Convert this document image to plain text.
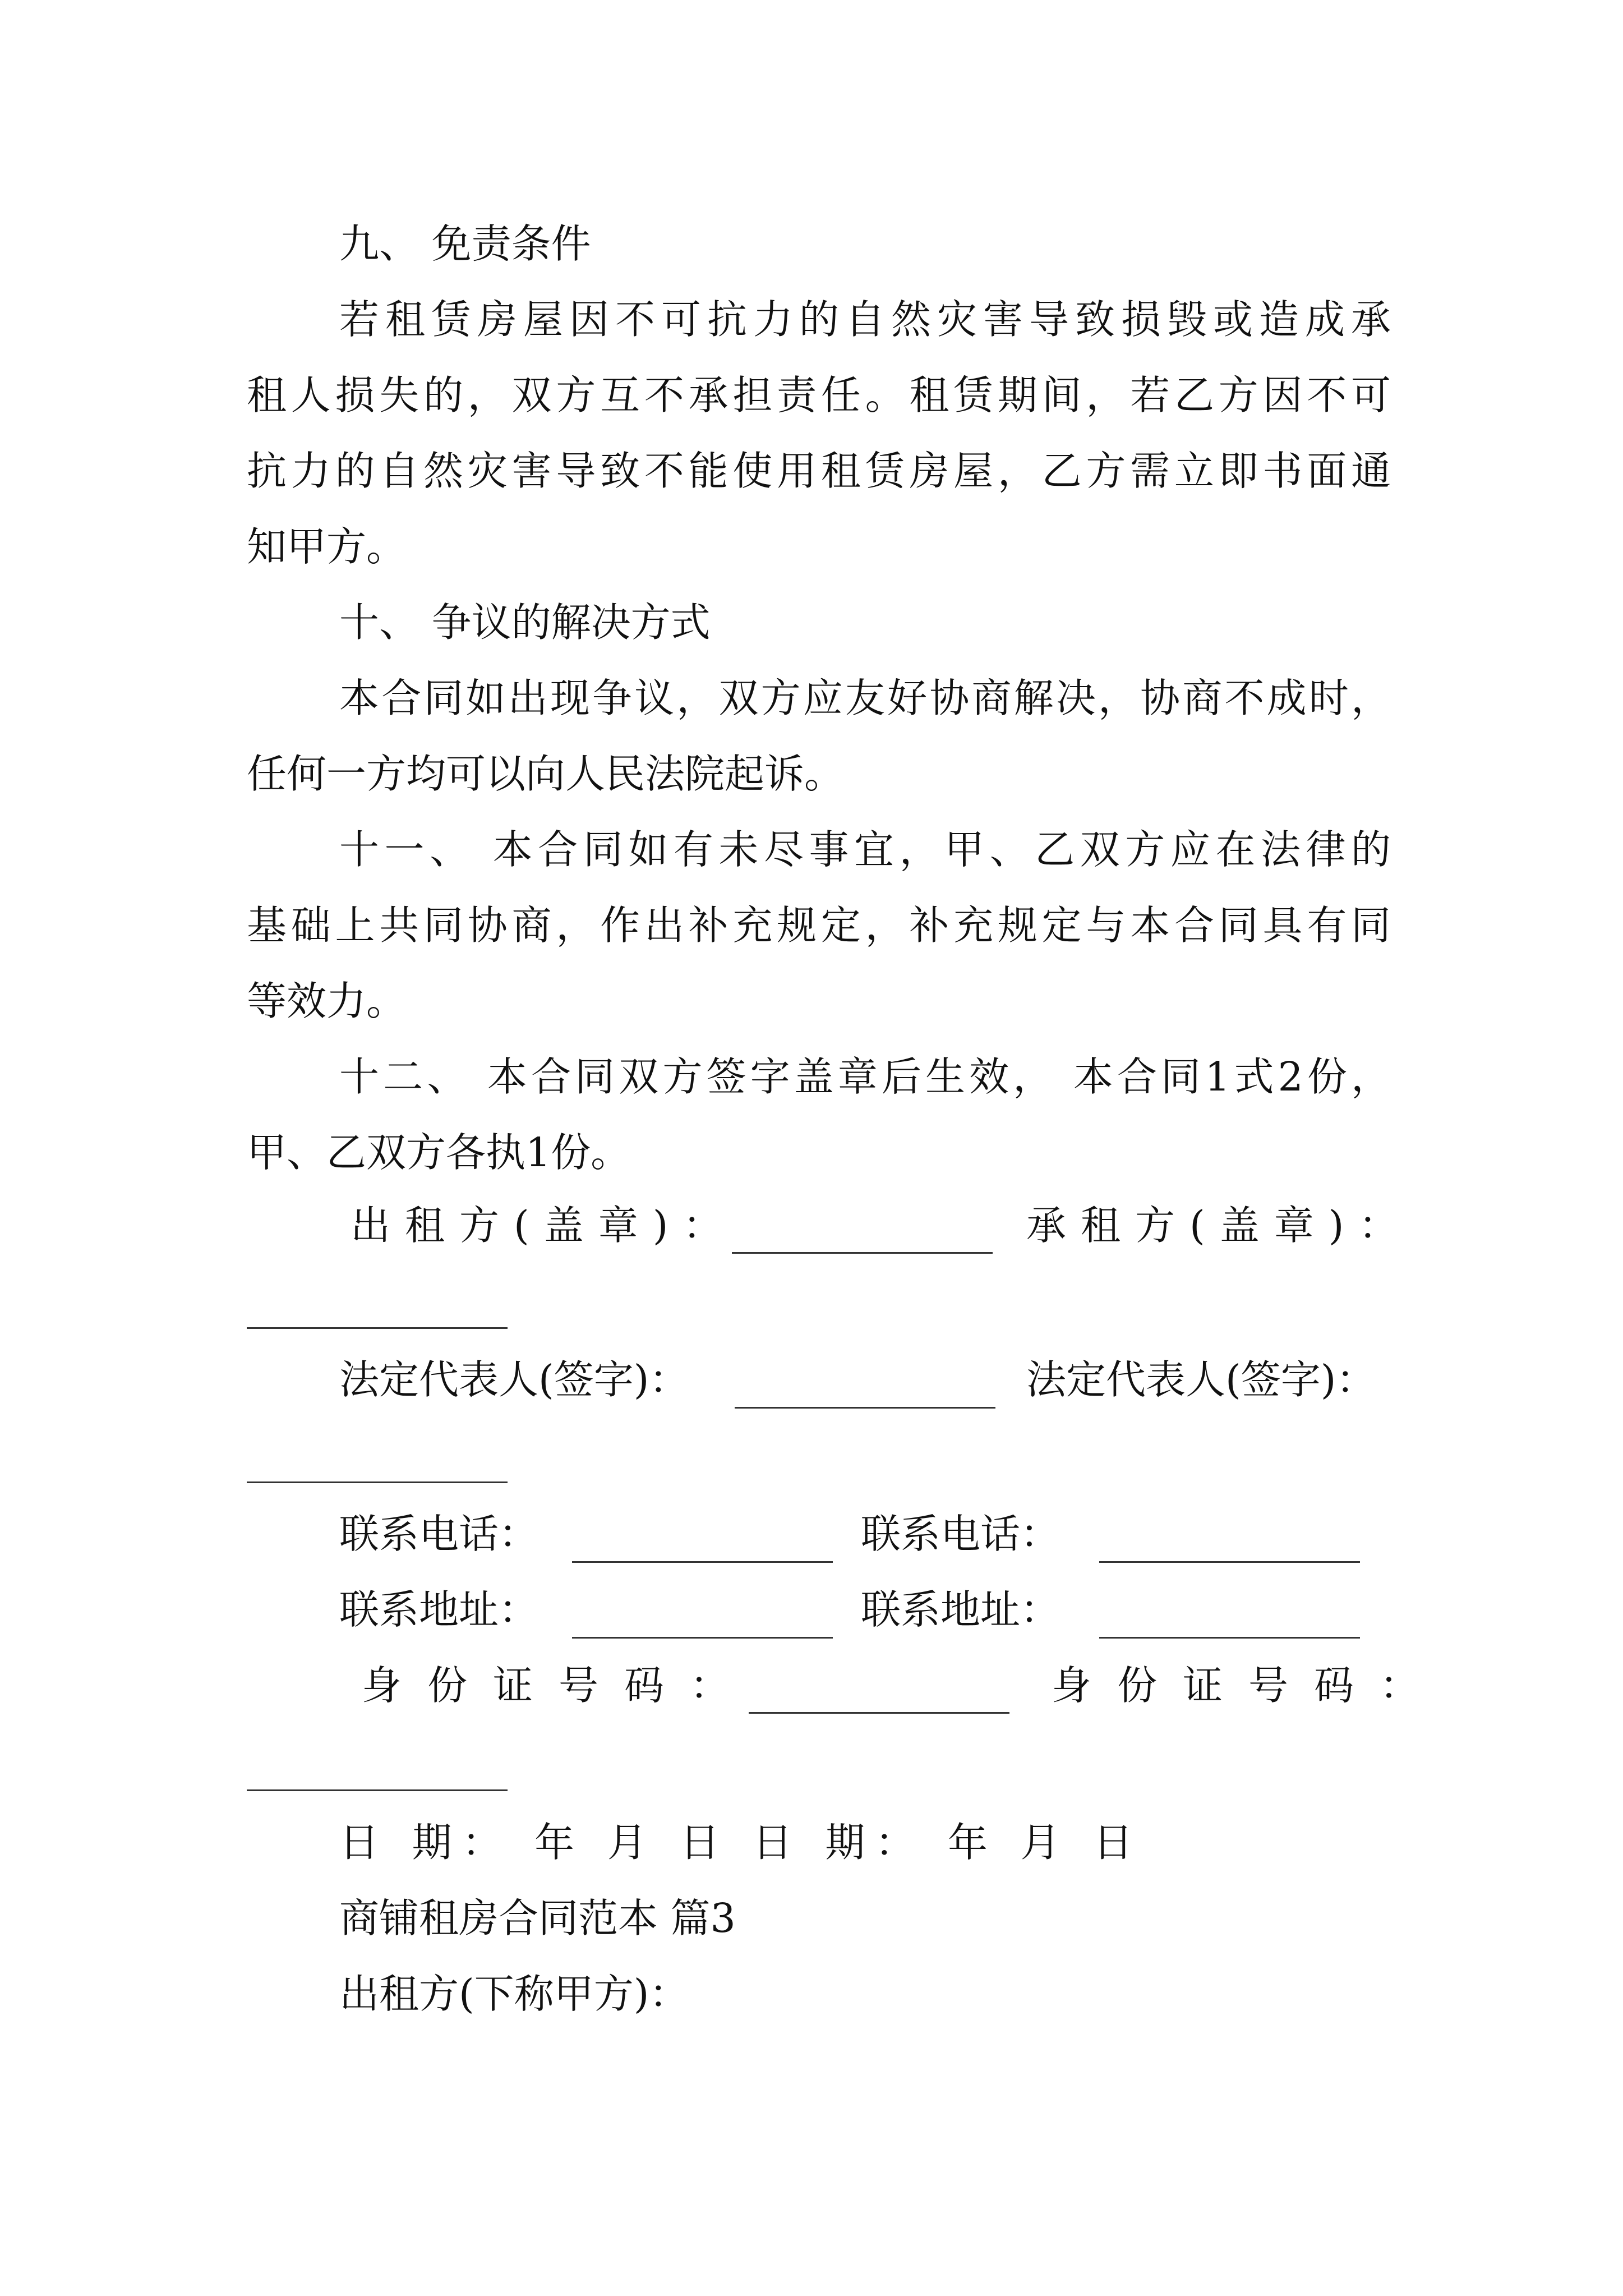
九、 免责条件
若租赁房屋因不可抗力的自然灾害导致损毁或造成承
租人损失的，双方互不承担责任。租赁期间，若乙方因不可
抗力的自然灾害导致不能使用租赁房屋，乙方需立即书面通
知甲方。
十、 争议的解决方式
本合同如出现争议，双方应友好协商解决，协商不成时，
任何一方均可以向人民法院起诉。
十一、 本合同如有未尽事宜，甲、乙双方应在法律的
基础上共同协商，作出补充规定，补充规定与本合同具有同
等效力。
十二、 本合同双方签字盖章后生效， 本合同1式2份，
甲、乙双方各执1份。
出租方(盖章)：	承租方(盖章)：
法定代表人(签字)：	法定代表人(签字)：
联系电话：	联系电话：
联系地址：	联系地址：
身份证号码：	身份证号码：
日 期： 年 月 日 日 期： 年 月 日
商铺租房合同范本 篇3
出租方(下称甲方)：
